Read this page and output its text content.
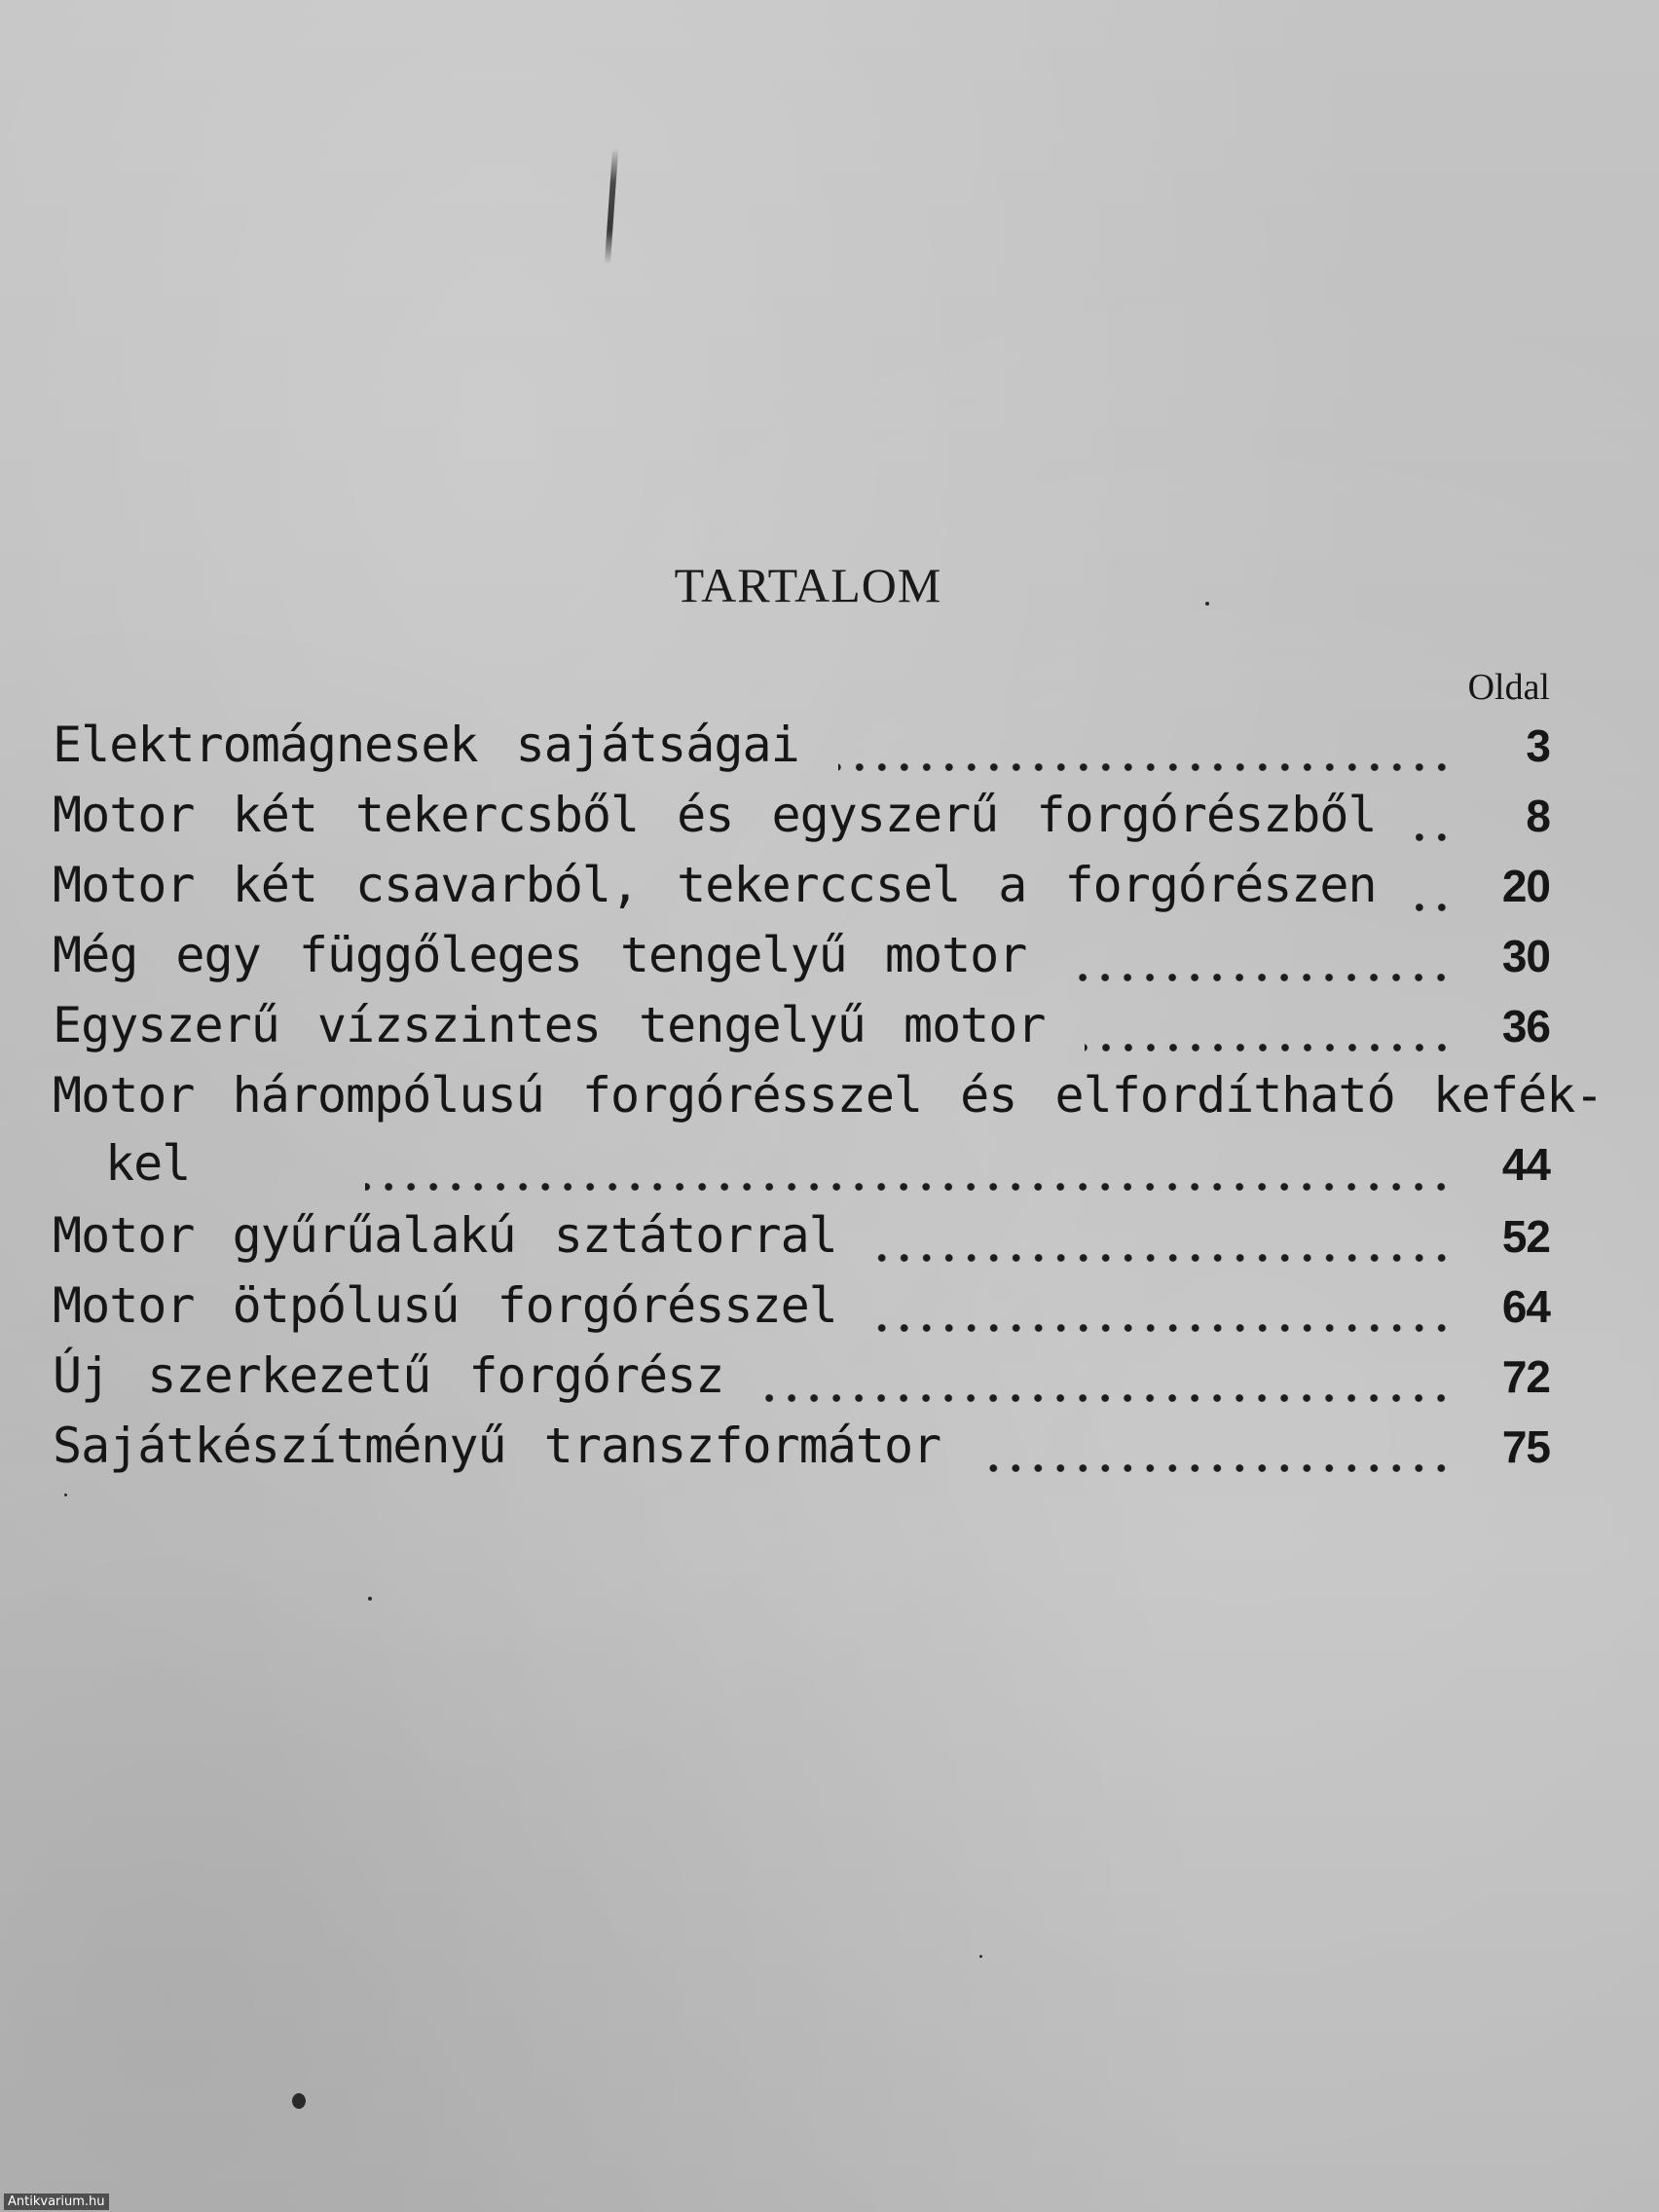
TARTALOM
Oldal
Elektromágnesek sajátságai	3
Motor két tekercsből és egyszerű forgórészből	8
Motor két csavarból, tekerccsel a forgórészen	20
Még egy függőleges tengelyű motor	30
Egyszerű vízszintes tengelyű motor	36
Motor hárompólusú forgórésszel és elfordítható kefék-
kel	44
Motor gyűrűalakú sztátorral	52
Motor ötpólusú forgórésszel	64
Új szerkezetű forgórész	72
Sajátkészítményű transzformátor	75
Antikvarium.hu
